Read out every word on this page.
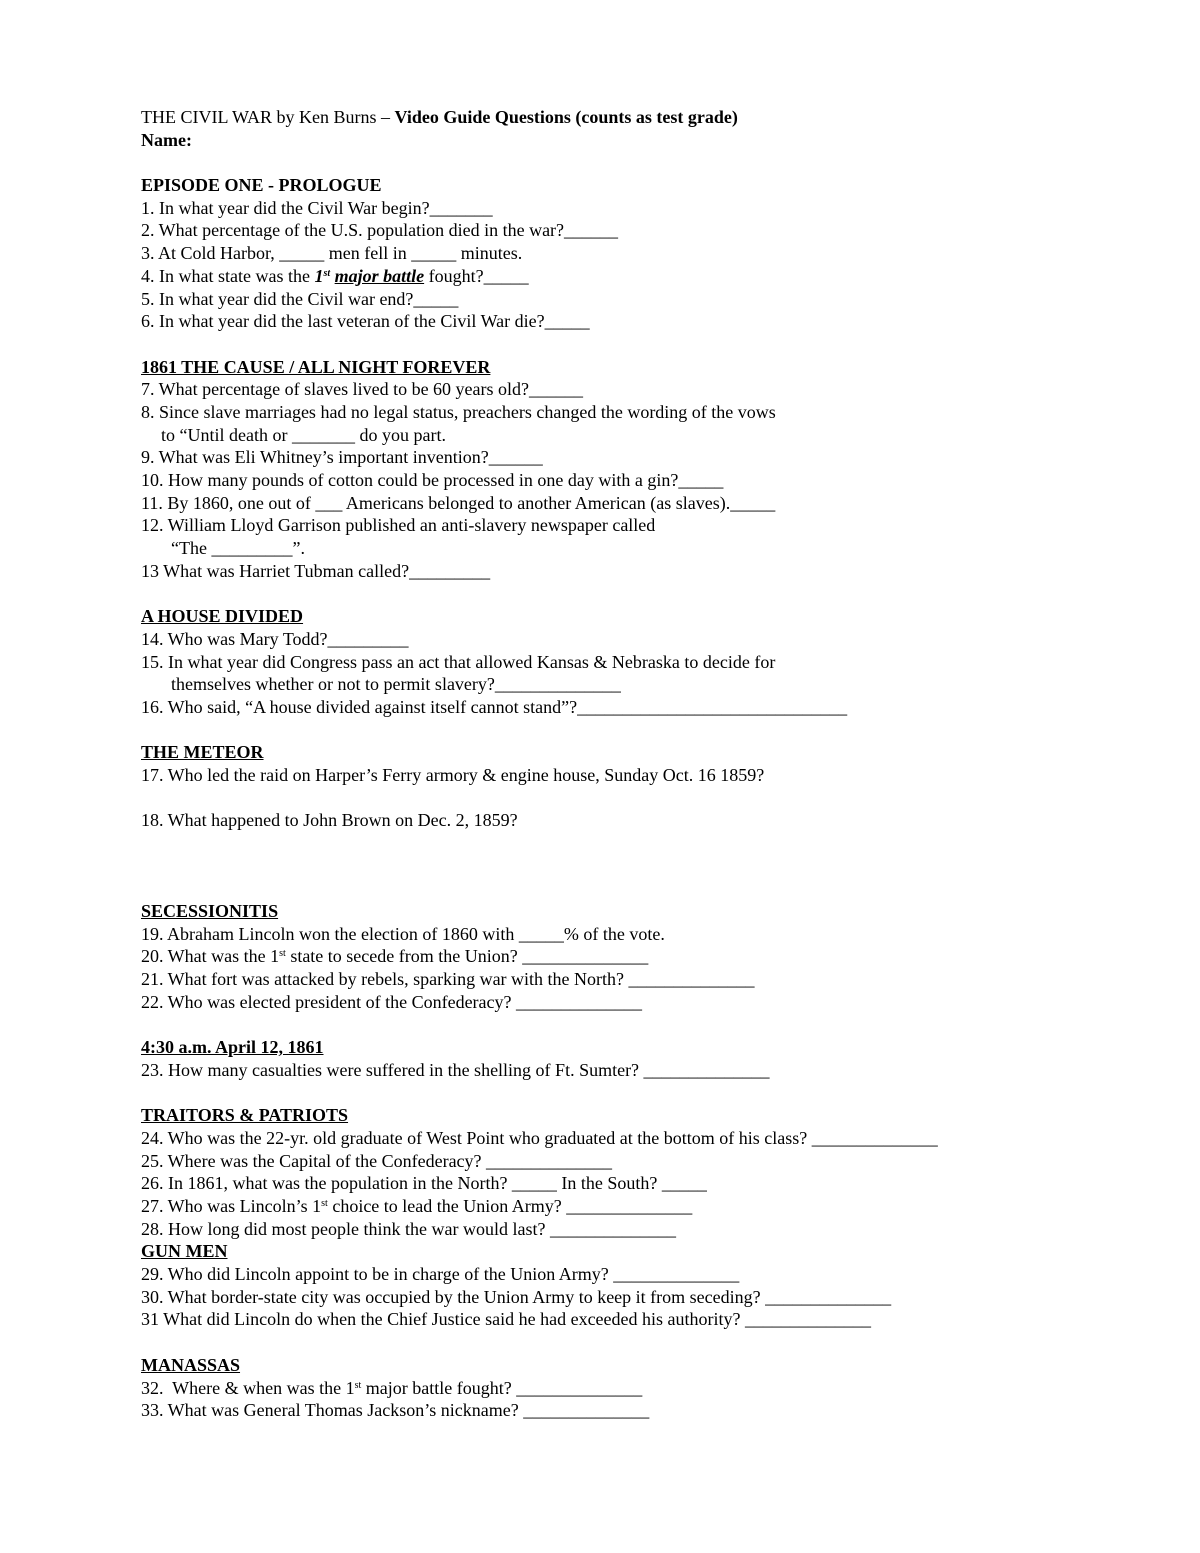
THE CIVIL WAR by Ken Burns – Video Guide Questions (counts as test grade)
Name:
EPISODE ONE - PROLOGUE
1. In what year did the Civil War begin?_______
2. What percentage of the U.S. population died in the war?______
3. At Cold Harbor, _____ men fell in _____ minutes.
4. In what state was the 1st major battle fought?_____
5. In what year did the Civil war end?_____
6. In what year did the last veteran of the Civil War die?_____
1861 THE CAUSE / ALL NIGHT FOREVER
7. What percentage of slaves lived to be 60 years old?______
8. Since slave marriages had no legal status, preachers changed the wording of the vows
to “Until death or _______ do you part.
9. What was Eli Whitney’s important invention?______
10. How many pounds of cotton could be processed in one day with a gin?_____
11. By 1860, one out of ___ Americans belonged to another American (as slaves)._____
12. William Lloyd Garrison published an anti-slavery newspaper called
“The _________”.
13 What was Harriet Tubman called?_________
A HOUSE DIVIDED
14. Who was Mary Todd?_________
15. In what year did Congress pass an act that allowed Kansas & Nebraska to decide for
themselves whether or not to permit slavery?______________
16. Who said, “A house divided against itself cannot stand”?______________________________
THE METEOR
17. Who led the raid on Harper’s Ferry armory & engine house, Sunday Oct. 16 1859?
18. What happened to John Brown on Dec. 2, 1859?
SECESSIONITIS
19. Abraham Lincoln won the election of 1860 with _____% of the vote.
20. What was the 1st state to secede from the Union? ______________
21. What fort was attacked by rebels, sparking war with the North? ______________
22. Who was elected president of the Confederacy? ______________
4:30 a.m. April 12, 1861
23. How many casualties were suffered in the shelling of Ft. Sumter? ______________
TRAITORS & PATRIOTS
24. Who was the 22-yr. old graduate of West Point who graduated at the bottom of his class? ______________
25. Where was the Capital of the Confederacy? ______________
26. In 1861, what was the population in the North? _____ In the South? _____
27. Who was Lincoln’s 1st choice to lead the Union Army? ______________
28. How long did most people think the war would last? ______________
GUN MEN
29. Who did Lincoln appoint to be in charge of the Union Army? ______________
30. What border-state city was occupied by the Union Army to keep it from seceding? ______________
31 What did Lincoln do when the Chief Justice said he had exceeded his authority? ______________
MANASSAS
32.  Where & when was the 1st major battle fought? ______________
33. What was General Thomas Jackson’s nickname? ______________
